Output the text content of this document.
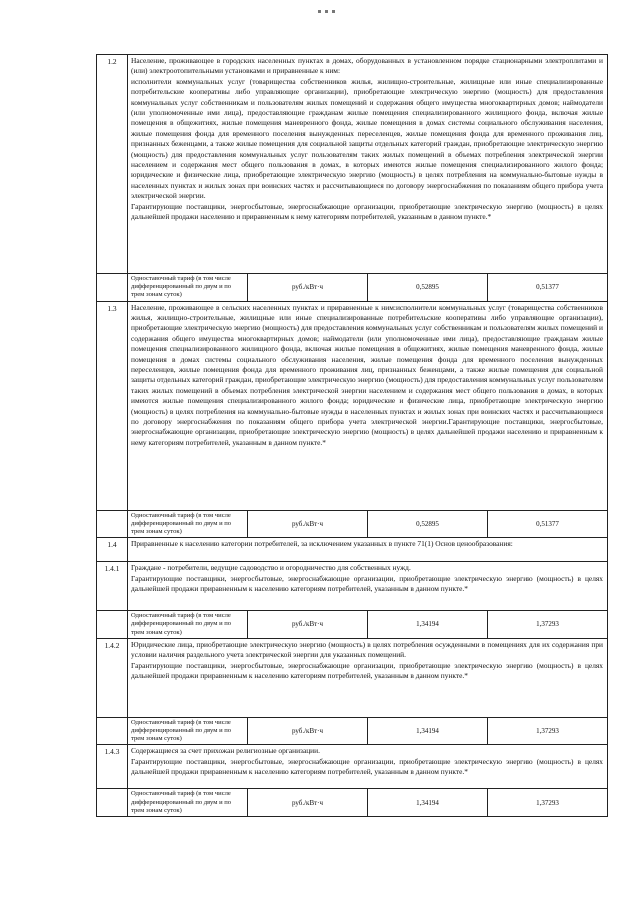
1.2	Население, проживающее в городских населенных пунктах в домах, оборудованных в установленном порядке стационарными электроплитами и (или) электроотопительными установками и приравненные к ним:

исполнители коммунальных услуг (товарищества собственников жилья, жилищно-строительные, жилищные или иные специализированные потребительские кооперативы либо управляющие организации), приобретающие электрическую энергию (мощность) для предоставления коммунальных услуг собственникам и пользователям жилых помещений и содержания общего имущества многоквартирных домов; наймодатели (или уполномоченные ими лица), предоставляющие гражданам жилые помещения специализированного жилищного фонда, включая жилые помещения в общежитиях, жилые помещения маневренного фонда, жилые помещения в домах системы социального обслуживания населения, жилые помещения фонда для временного поселения вынужденных переселенцев, жилые помещения фонда для временного проживания лиц, признанных беженцами, а также жилые помещения для социальной защиты отдельных категорий граждан, приобретающие электрическую энергию (мощность) для предоставления коммунальных услуг пользователям таких жилых помещений в объемах потребления электрической энергии населением и содержания мест общего пользования в домах, в которых имеются жилые помещения специализированного жилого фонда; юридические и физические лица, приобретающие электрическую энергию (мощность) в целях потребления на коммунально-бытовые нужды в населенных пунктах и жилых зонах при воинских частях и рассчитывающиеся по договору энергоснабжения по показаниям общего прибора учета электрической энергии.

Гарантирующие поставщики, энергосбытовые, энергоснабжающие организации, приобретающие электрическую энергию (мощность) в целях дальнейшей продажи населению и приравненным к нему категориям потребителей, указанным в данном пункте.*			

	Одноставочный тариф (в том числе дифференцированный по двум и по трем зонам суток)	руб./кВт·ч	0,52895	0,51377
1.3	Население, проживающее в сельских населенных пунктах и приравненные к ним:исполнители коммунальных услуг (товарищества собственников жилья, жилищно-строительные, жилищные или иные специализированные потребительские кооперативы либо управляющие организации), приобретающие электрическую энергию (мощность) для предоставления коммунальных услуг собственникам и пользователям жилых помещений и содержания общего имущества многоквартирных домов; наймодатели (или уполномоченные ими лица), предоставляющие гражданам жилые помещения специализированного жилищного фонда, включая жилые помещения в общежитиях, жилые помещения маневренного фонда, жилые помещения в домах системы социального обслуживания населения, жилые помещения фонда для временного поселения вынужденных переселенцев, жилые помещения фонда для временного проживания лиц, признанных беженцами, а также жилые помещения для социальной защиты отдельных категорий граждан, приобретающие электрическую энергию (мощность) для предоставления коммунальных услуг пользователям таких жилых помещений в объемах потребления электрической энергии населением и содержания мест общего пользования в домах, в которых имеются жилые помещения специализированного жилого фонда; юридические и физические лица, приобретающие электрическую энергию (мощность) в целях потребления на коммунально-бытовые нужды в населенных пунктах и жилых зонах при воинских частях и рассчитывающиеся по договору энергоснабжения по показаниям общего прибора учета электрической энергии.Гарантирующие поставщики, энергосбытовые, энергоснабжающие организации, приобретающие электрическую энергию (мощность) в целях дальнейшей продажи населению и приравненным к нему категориям потребителей, указанным в данном пункте.*			

	Одноставочный тариф (в том числе дифференцированный по двум и по трем зонам суток)	руб./кВт·ч	0,52895	0,51377
1.4	Приравненные к населению категории потребителей, за исключением указанных в пункте 71(1) Основ ценообразования:			

1.4.1	Граждане - потребители, ведущие садоводство и огородничество для собственных нужд.

Гарантирующие поставщики, энергосбытовые, энергоснабжающие организации, приобретающие электрическую энергию (мощность) в целях дальнейшей продажи приравненным к населению категориям потребителей, указанным в данном пункте.*			

	Одноставочный тариф (в том числе дифференцированный по двум и по трем зонам суток)	руб./кВт·ч	1,34194	1,37293
1.4.2	Юридические лица, приобретающие электрическую энергию (мощность) в целях потребления осужденными в помещениях для их содержания при условии наличия раздельного учета электрической энергии для указанных помещений.

Гарантирующие поставщики, энергосбытовые, энергоснабжающие организации, приобретающие электрическую энергию (мощность) в целях дальнейшей продажи приравненным к населению категориям потребителей, указанным в данном пункте.*			

	Одноставочный тариф (в том числе дифференцированный по двум и по трем зонам суток)	руб./кВт·ч	1,34194	1,37293
1.4.3	Содержащиеся за счет прихожан религиозные организации.

Гарантирующие поставщики, энергосбытовые, энергоснабжающие организации, приобретающие электрическую энергию (мощность) в целях дальнейшей продажи приравненным к населению категориям потребителей, указанным в данном пункте.*			

	Одноставочный тариф (в том числе дифференцированный по двум и по трем зонам суток)	руб./кВт·ч	1,34194	1,37293
